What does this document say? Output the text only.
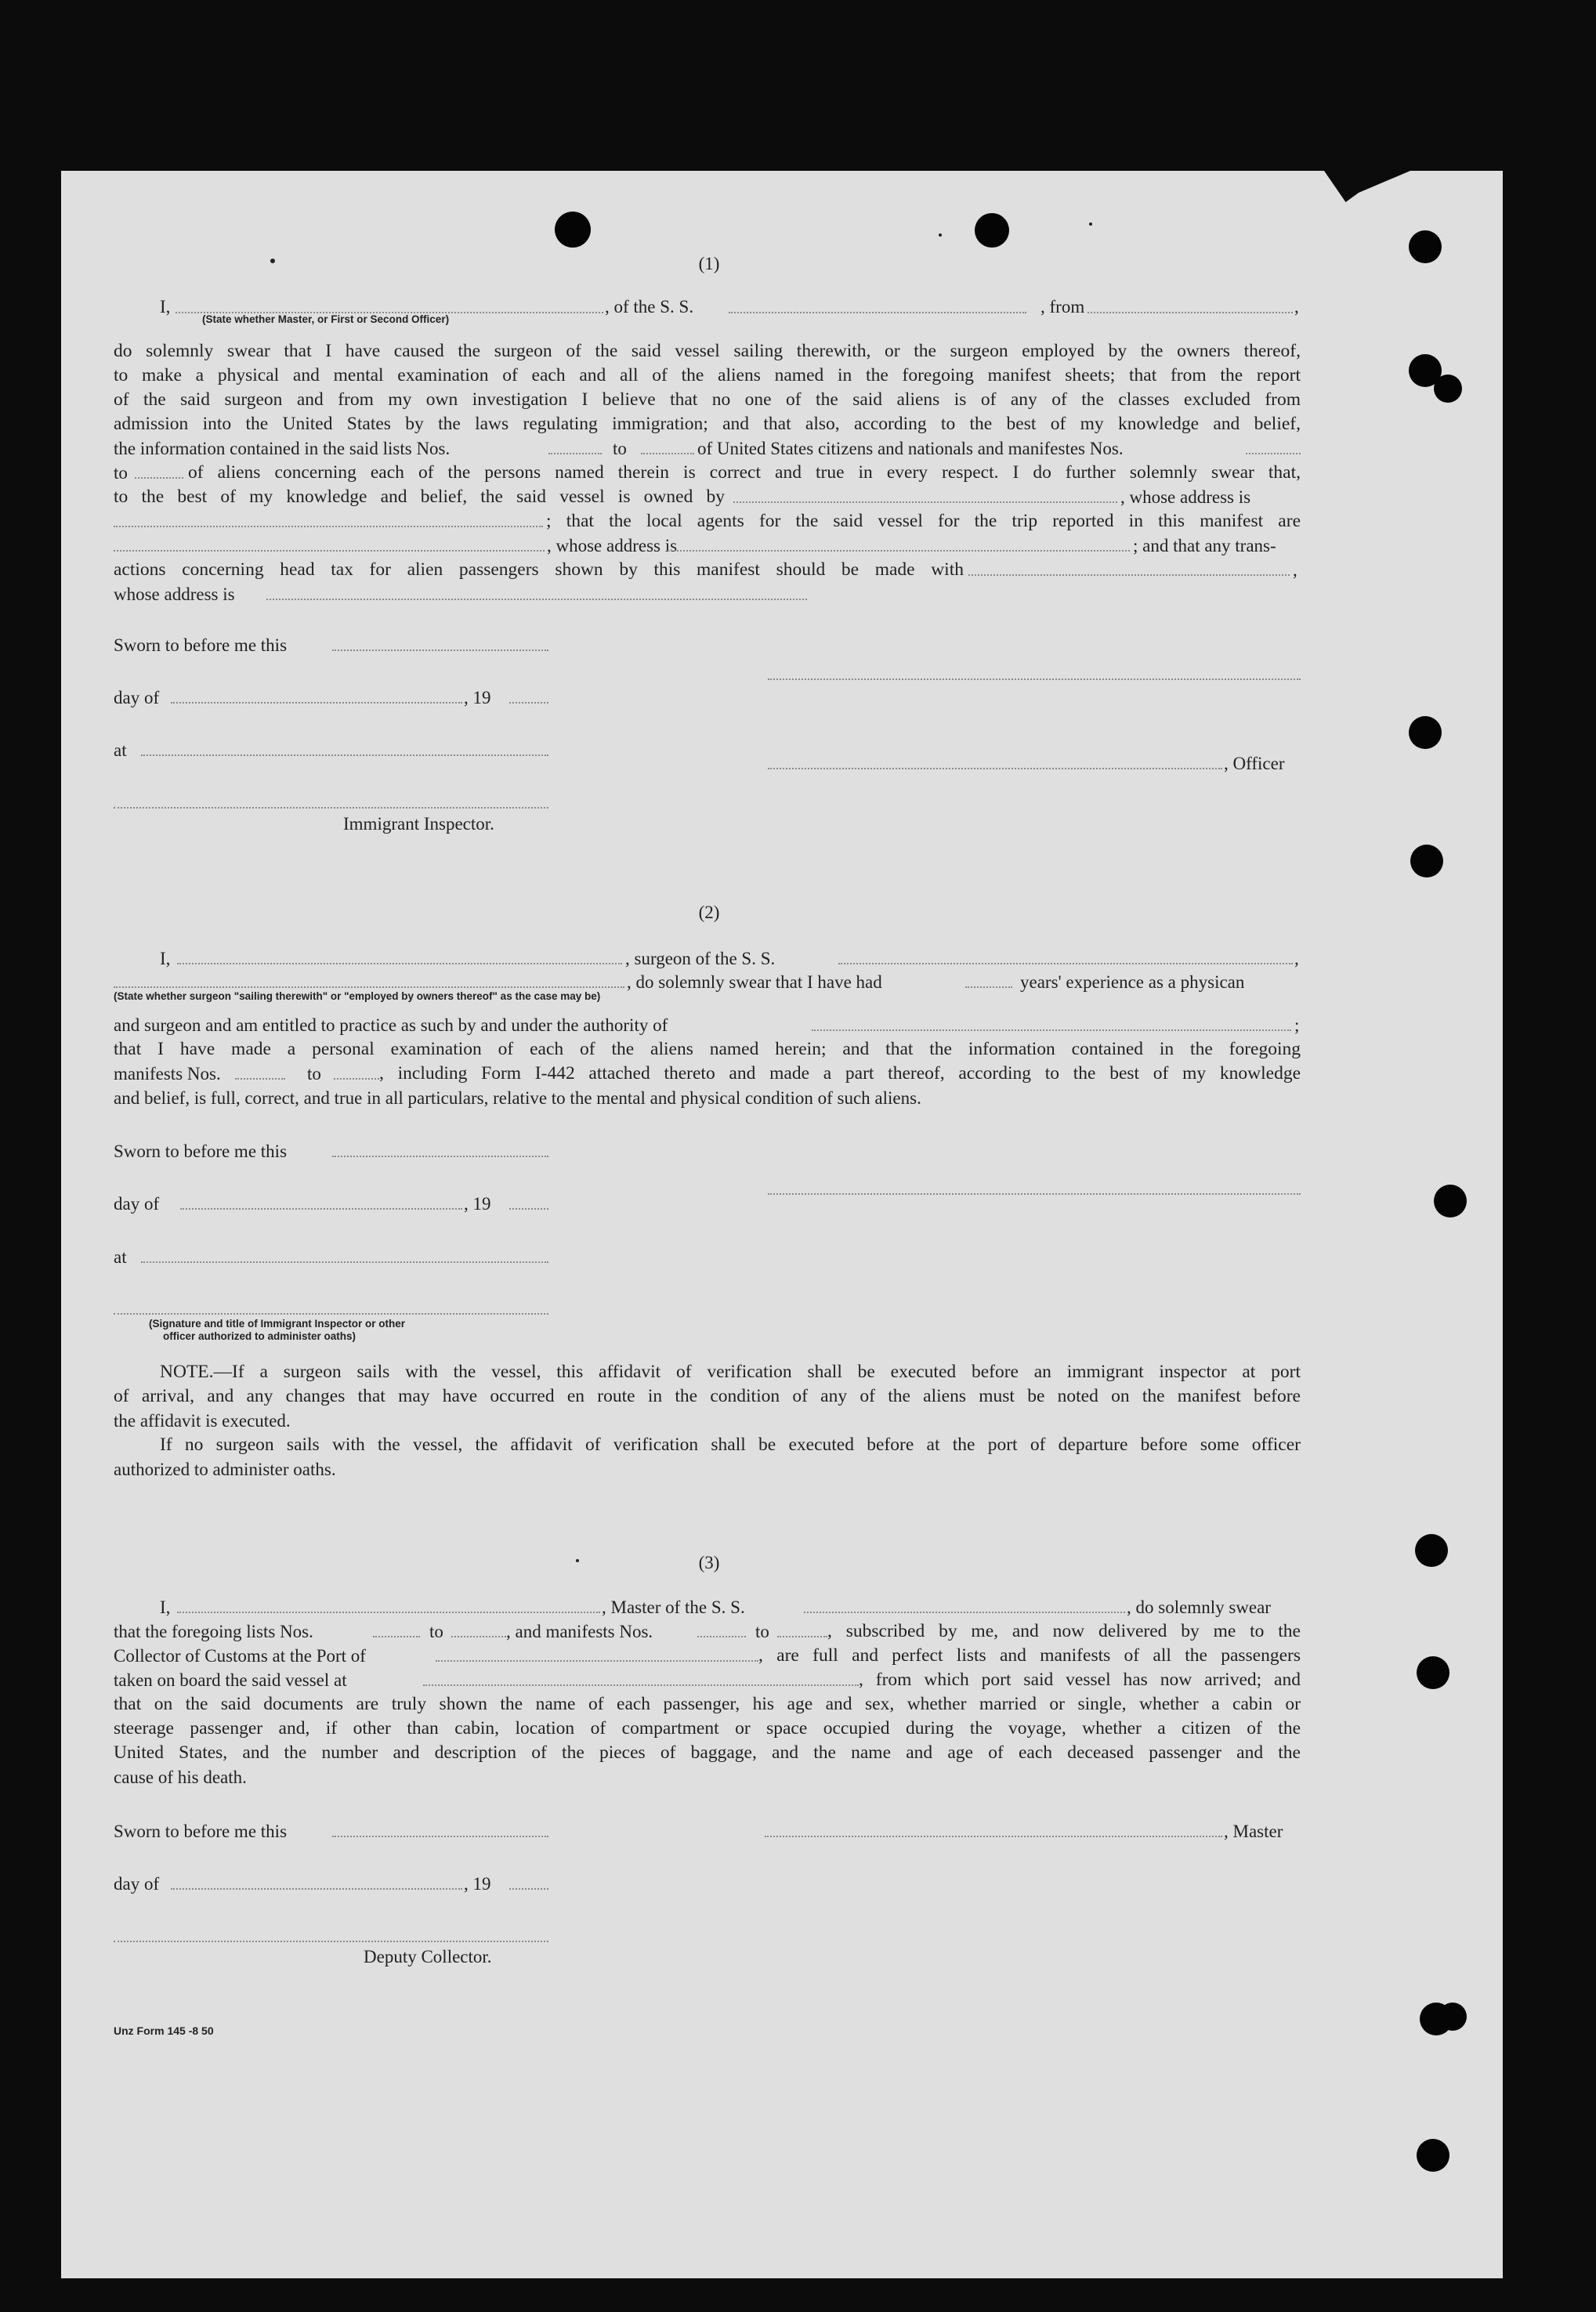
(1)
I,	, of the S. S.	, from	,
(State whether Master, or First or Second Officer)
do solemnly swear that I have caused the surgeon of the said vessel sailing therewith, or the surgeon employed by the owners thereof,
to make a physical and mental examination of each and all of the aliens named in the foregoing manifest sheets; that from the report
of the said surgeon and from my own investigation I believe that no one of the said aliens is of any of the classes excluded from
admission into the United States by the laws regulating immigration; and that also, according to the best of my knowledge and belief,
the information contained in the said lists Nos.	to	of United States citizens and nationals and manifestes Nos.
to	of aliens concerning each of the persons named therein is correct and true in every respect. I do further solemnly swear that,
to the best of my knowledge and belief, the said vessel is owned by	, whose address is
; that the local agents for the said vessel for the trip reported in this manifest are
, whose address is	; and that any trans-
actions concerning head tax for alien passengers shown by this manifest should be made with	,
whose address is
Sworn to before me this
day of	, 19
at
, Officer
Immigrant Inspector.
(2)
I,	, surgeon of the S. S.	,
, do solemnly swear that I have had	years' experience as a physican
(State whether surgeon "sailing therewith" or "employed by owners thereof" as the case may be)
and surgeon and am entitled to practice as such by and under the authority of	;
that I have made a personal examination of each of the aliens named herein; and that the information contained in the foregoing
manifests Nos.	to	, including Form I-442 attached thereto and made a part thereof, according to the best of my knowledge
and belief, is full, correct, and true in all particulars, relative to the mental and physical condition of such aliens.
Sworn to before me this
day of	, 19
at
(Signature and title of Immigrant Inspector or other
officer authorized to administer oaths)
NOTE.—If a surgeon sails with the vessel, this affidavit of verification shall be executed before an immigrant inspector at port
of arrival, and any changes that may have occurred en route in the condition of any of the aliens must be noted on the manifest before
the affidavit is executed.
If no surgeon sails with the vessel, the affidavit of verification shall be executed before at the port of departure before some officer
authorized to administer oaths.
(3)
I,	, Master of the S. S.	, do solemnly swear
that the foregoing lists Nos.	to	, and manifests Nos.	to	, subscribed by me, and now delivered by me to the
Collector of Customs at the Port of	, are full and perfect lists and manifests of all the passengers
taken on board the said vessel at	, from which port said vessel has now arrived; and
that on the said documents are truly shown the name of each passenger, his age and sex, whether married or single, whether a cabin or
steerage passenger and, if other than cabin, location of compartment or space occupied during the voyage, whether a citizen of the
United States, and the number and description of the pieces of baggage, and the name and age of each deceased passenger and the
cause of his death.
Sworn to before me this	, Master
day of	, 19
Deputy Collector.
Unz Form 145 -8 50
